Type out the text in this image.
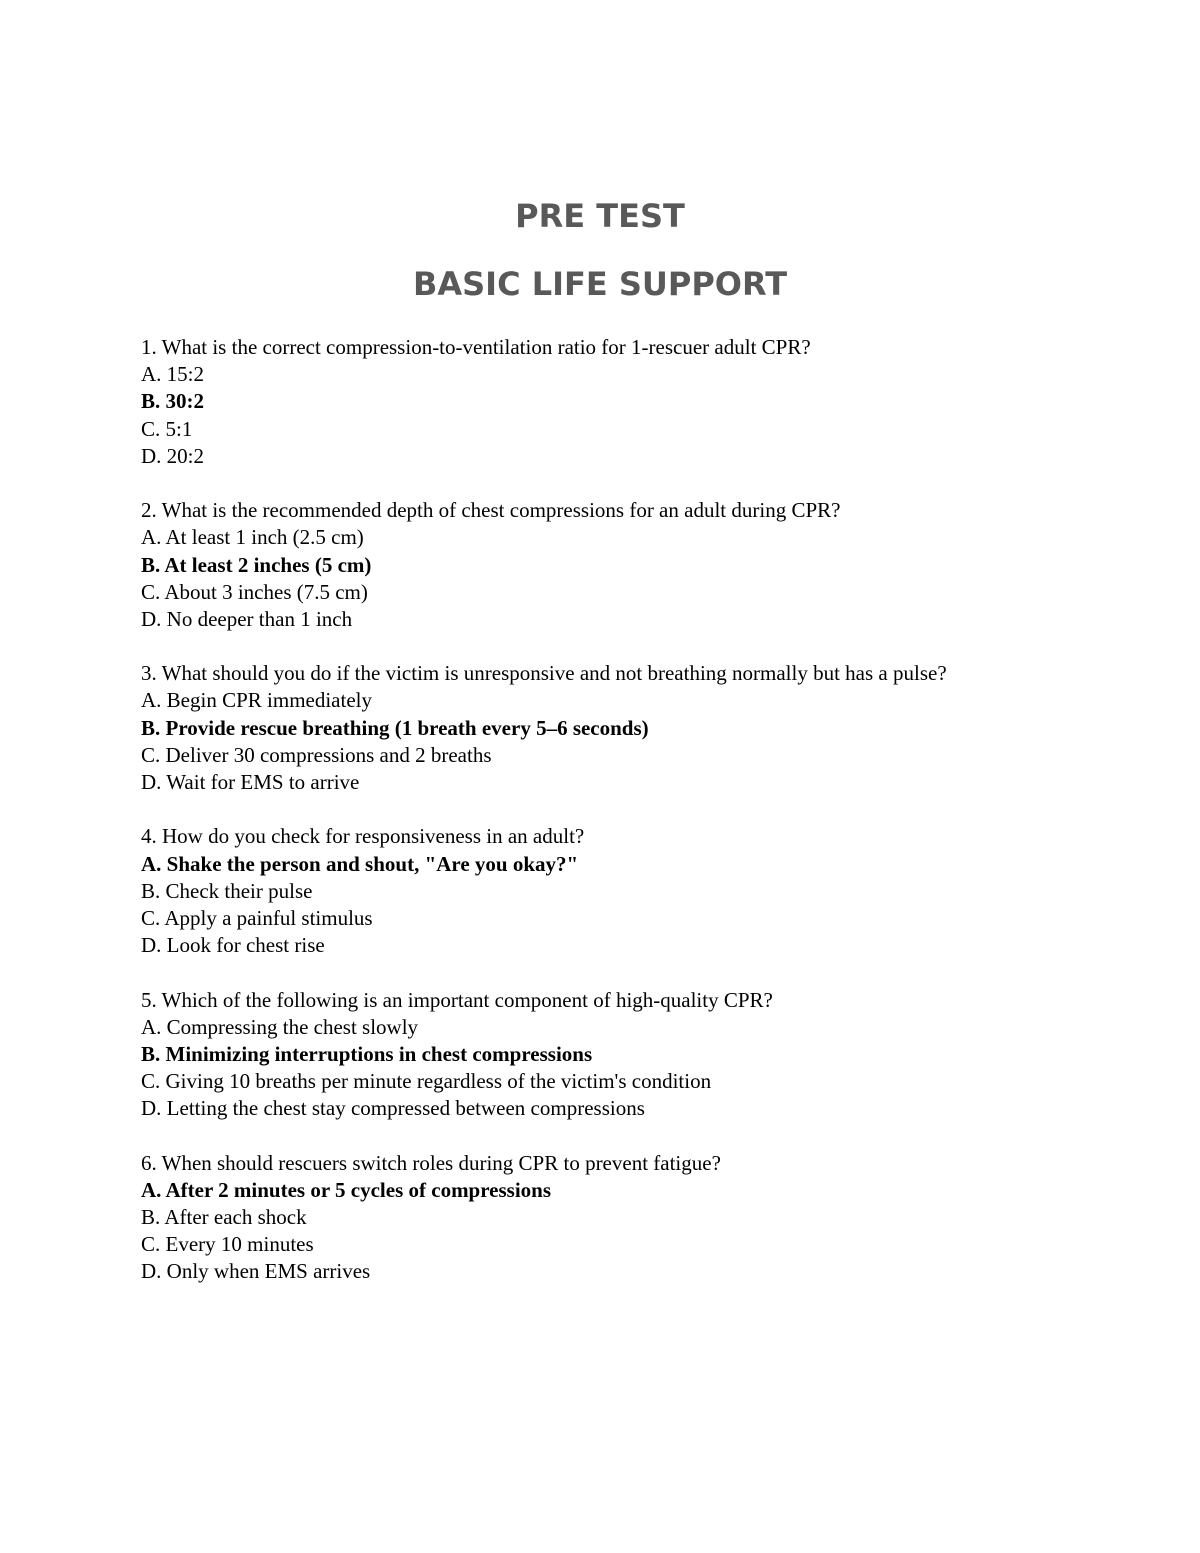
PRE TEST
BASIC LIFE SUPPORT
1. What is the correct compression-to-ventilation ratio for 1-rescuer adult CPR?
A. 15:2
B. 30:2
C. 5:1
D. 20:2
2. What is the recommended depth of chest compressions for an adult during CPR?
A. At least 1 inch (2.5 cm)
B. At least 2 inches (5 cm)
C. About 3 inches (7.5 cm)
D. No deeper than 1 inch
3. What should you do if the victim is unresponsive and not breathing normally but has a pulse?
A. Begin CPR immediately
B. Provide rescue breathing (1 breath every 5–6 seconds)
C. Deliver 30 compressions and 2 breaths
D. Wait for EMS to arrive
4. How do you check for responsiveness in an adult?
A. Shake the person and shout, "Are you okay?"
B. Check their pulse
C. Apply a painful stimulus
D. Look for chest rise
5. Which of the following is an important component of high-quality CPR?
A. Compressing the chest slowly
B. Minimizing interruptions in chest compressions
C. Giving 10 breaths per minute regardless of the victim's condition
D. Letting the chest stay compressed between compressions
6. When should rescuers switch roles during CPR to prevent fatigue?
A. After 2 minutes or 5 cycles of compressions
B. After each shock
C. Every 10 minutes
D. Only when EMS arrives
